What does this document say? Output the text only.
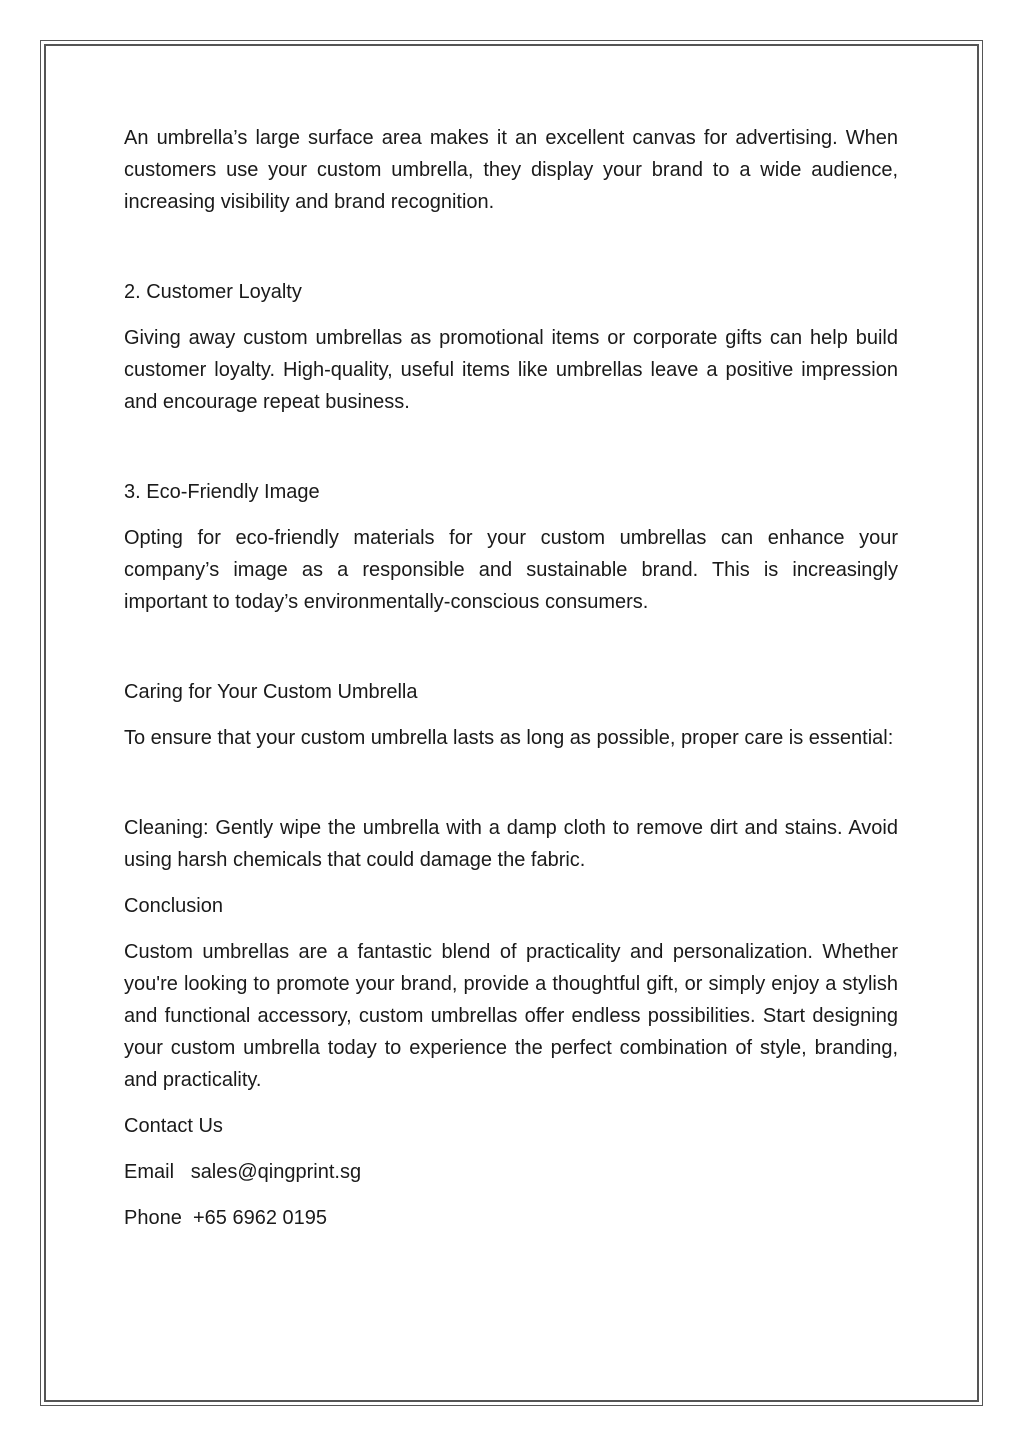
An umbrella’s large surface area makes it an excellent canvas for advertising. When customers use your custom umbrella, they display your brand to a wide audience, increasing visibility and brand recognition.

2. Customer Loyalty

Giving away custom umbrellas as promotional items or corporate gifts can help build customer loyalty. High-quality, useful items like umbrellas leave a positive impression and encourage repeat business.

3. Eco-Friendly Image

Opting for eco-friendly materials for your custom umbrellas can enhance your company’s image as a responsible and sustainable brand. This is increasingly important to today’s environmentally-conscious consumers.

Caring for Your Custom Umbrella

To ensure that your custom umbrella lasts as long as possible, proper care is essential:

Cleaning: Gently wipe the umbrella with a damp cloth to remove dirt and stains. Avoid using harsh chemicals that could damage the fabric.

Conclusion

Custom umbrellas are a fantastic blend of practicality and personalization. Whether you're looking to promote your brand, provide a thoughtful gift, or simply enjoy a stylish and functional accessory, custom umbrellas offer endless possibilities. Start designing your custom umbrella today to experience the perfect combination of style, branding, and practicality.

Contact Us

Email sales@qingprint.sg

Phone +65 6962 0195
